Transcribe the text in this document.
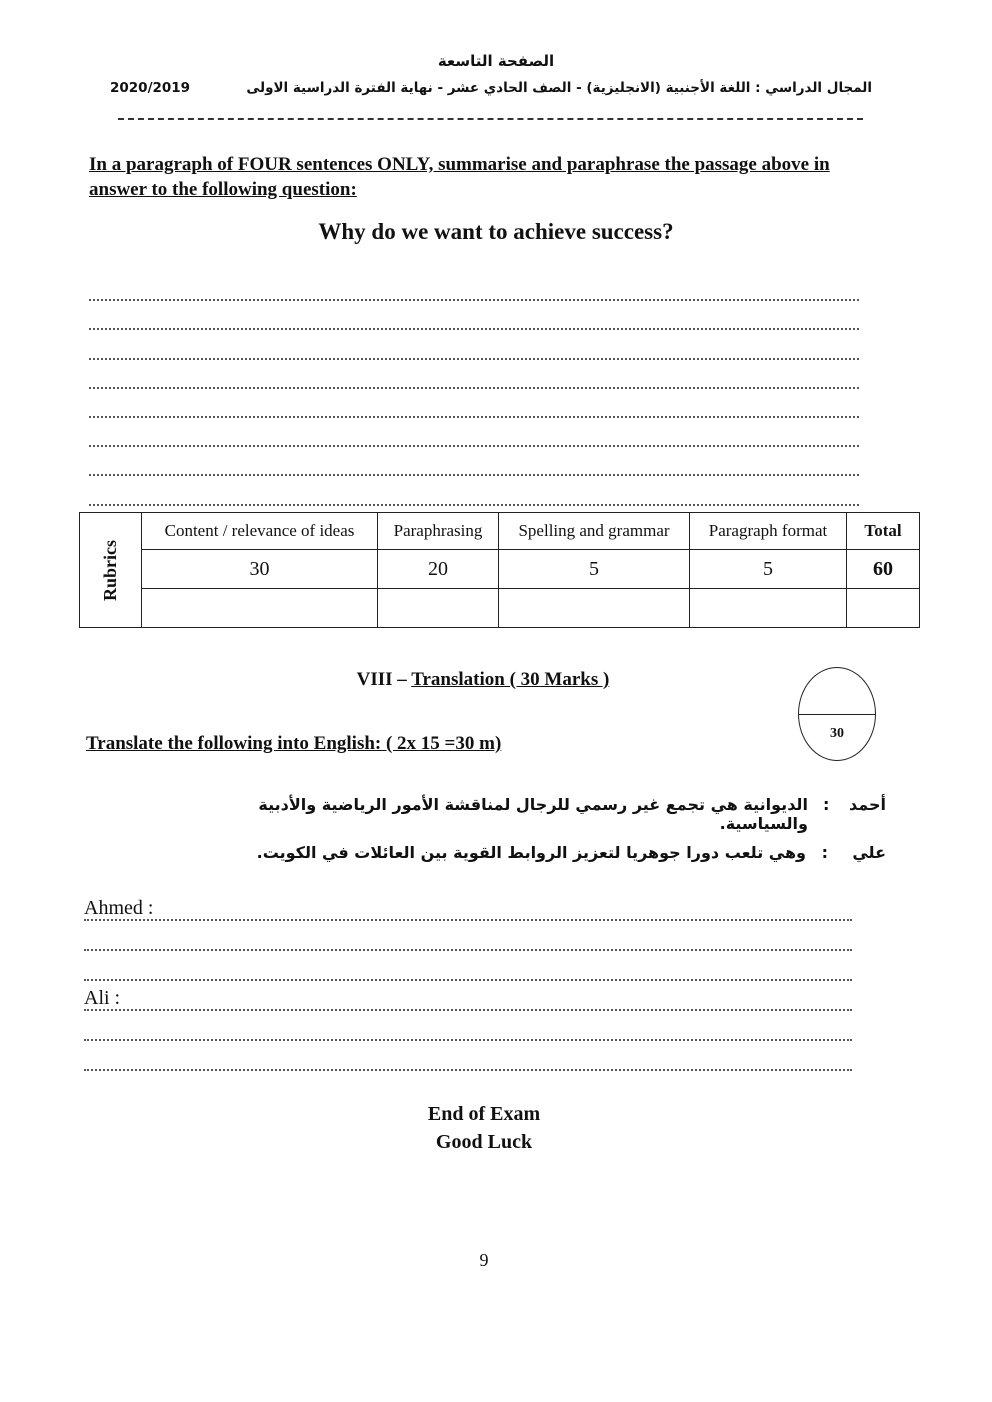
الصفحة التاسعة
2020/2019	المجال الدراسي : اللغة الأجنبية (الانجليزية) - الصف الحادي عشر - نهاية الفترة الدراسية الاولى
In a paragraph of FOUR sentences ONLY, summarise and paraphrase the passage above in answer to the following question:
Why do we want to achieve success?
Rubrics	Content / relevance of ideas	Paraphrasing	Spelling and grammar	Paragraph format	Total
	30	20	5	5	60

VIII – Translation ( 30 Marks )
30
Translate the following into English: ( 2x 15 =30 m)
أحمد
:
الديوانية هي تجمع غير رسمي للرجال لمناقشة الأمور الرياضية والأدبية والسياسية.
علي
:
وهي تلعب دورا جوهريا لتعزيز الروابط القوية بين العائلات في الكويت.
Ahmed :
Ali :
End of Exam
Good Luck
9
